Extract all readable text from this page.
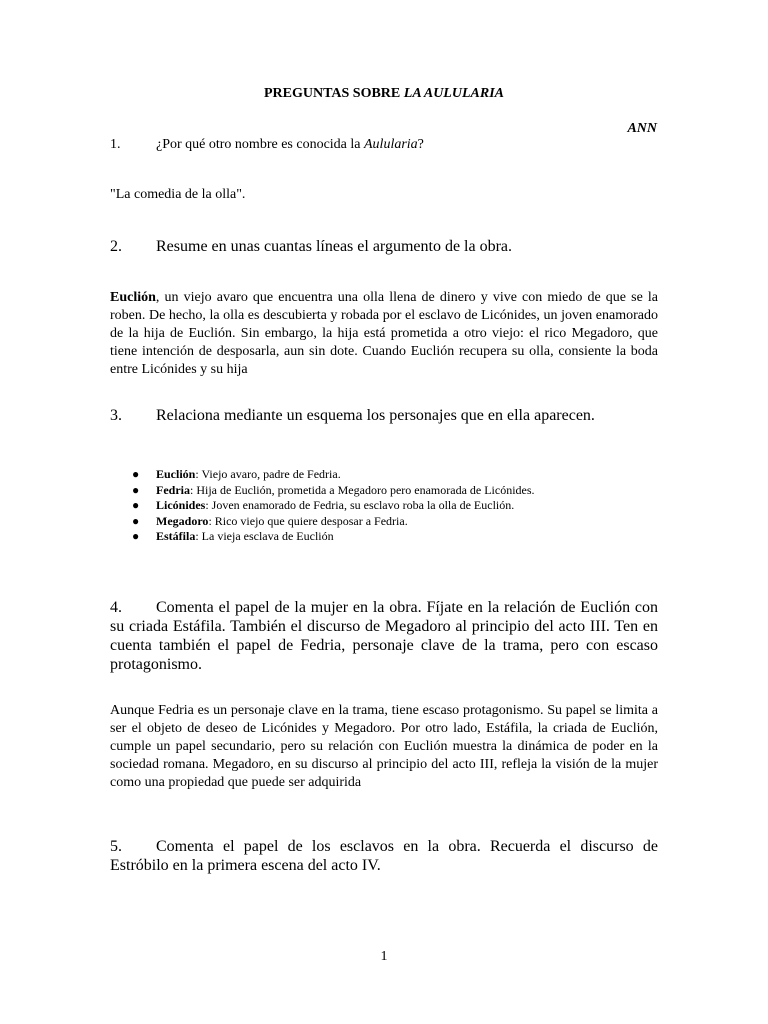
PREGUNTAS SOBRE LA AULULARIA
ANN
1.	¿Por qué otro nombre es conocida la Aulularia?
"La comedia de la olla".
2. Resume en unas cuantas líneas el argumento de la obra.
Euclión, un viejo avaro que encuentra una olla llena de dinero y vive con miedo de que se la roben. De hecho, la olla es descubierta y robada por el esclavo de Licónides, un joven enamorado de la hija de Euclión. Sin embargo, la hija está prometida a otro viejo: el rico Megadoro, que tiene intención de desposarla, aun sin dote. Cuando Euclión recupera su olla, consiente la boda entre Licónides y su hija
3. Relaciona mediante un esquema los personajes que en ella aparecen.
● Euclión: Viejo avaro, padre de Fedria.
● Fedria: Hija de Euclión, prometida a Megadoro pero enamorada de Licónides.
● Licónides: Joven enamorado de Fedria, su esclavo roba la olla de Euclión.
● Megadoro: Rico viejo que quiere desposar a Fedria.
● Estáfila: La vieja esclava de Euclión
4. Comenta el papel de la mujer en la obra. Fíjate en la relación de Euclión con su criada Estáfila. También el discurso de Megadoro al principio del acto III. Ten en cuenta también el papel de Fedria, personaje clave de la trama, pero con escaso protagonismo.
Aunque Fedria es un personaje clave en la trama, tiene escaso protagonismo. Su papel se limita a ser el objeto de deseo de Licónides y Megadoro. Por otro lado, Estáfila, la criada de Euclión, cumple un papel secundario, pero su relación con Euclión muestra la dinámica de poder en la sociedad romana. Megadoro, en su discurso al principio del acto III, refleja la visión de la mujer como una propiedad que puede ser adquirida
5. Comenta el papel de los esclavos en la obra. Recuerda el discurso de Estróbilo en la primera escena del acto IV.
1
